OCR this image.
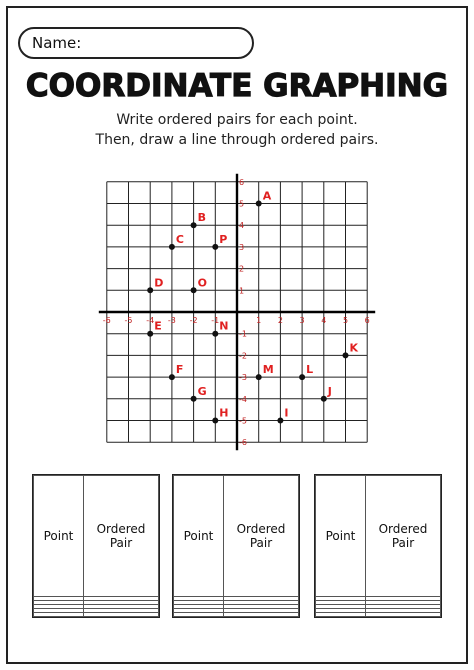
Name:
COORDINATE GRAPHING
Write ordered pairs for each point.
Then, draw a line through ordered pairs.
-6 -5 -4 -3 -2 -1	1 2 3 4 5 6
6
5
4
3
2
1
-1
-2
-3
-4
-5
-6
A
B
C	P
D	O
E	N
K
F	M	L
G	J
H	I
Point	Ordered Pair

		Point	Ordered Pair

		Point	Ordered Pair
